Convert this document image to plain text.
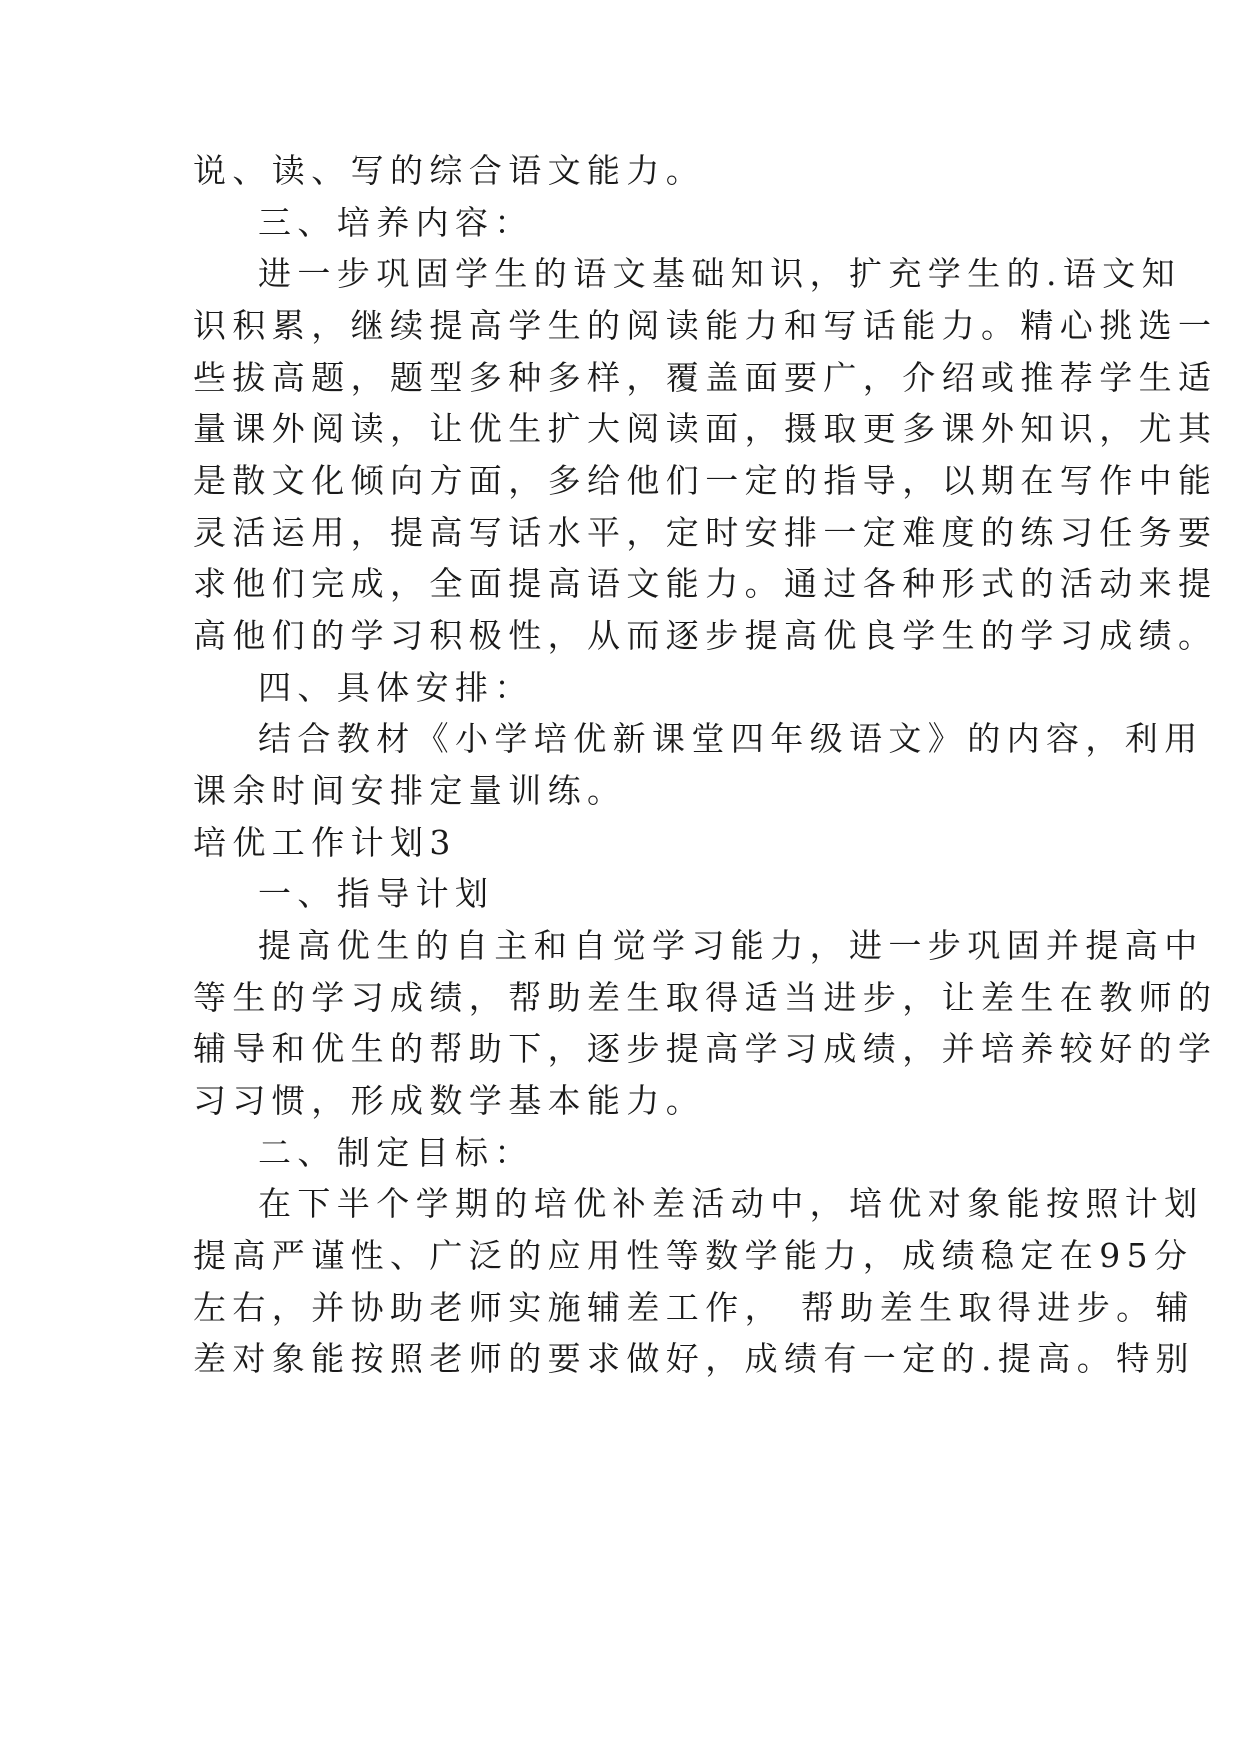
说、读、写的综合语文能力。
三、培养内容：
进一步巩固学生的语文基础知识，扩充学生的.语文知
识积累，继续提高学生的阅读能力和写话能力。精心挑选一
些拔高题，题型多种多样，覆盖面要广，介绍或推荐学生适
量课外阅读，让优生扩大阅读面，摄取更多课外知识，尤其
是散文化倾向方面，多给他们一定的指导，以期在写作中能
灵活运用，提高写话水平，定时安排一定难度的练习任务要
求他们完成，全面提高语文能力。通过各种形式的活动来提
高他们的学习积极性，从而逐步提高优良学生的学习成绩。
四、具体安排：
结合教材《小学培优新课堂四年级语文》的内容，利用
课余时间安排定量训练。
培优工作计划3
一、指导计划
提高优生的自主和自觉学习能力，进一步巩固并提高中
等生的学习成绩，帮助差生取得适当进步，让差生在教师的
辅导和优生的帮助下，逐步提高学习成绩，并培养较好的学
习习惯，形成数学基本能力。
二、制定目标：
在下半个学期的培优补差活动中，培优对象能按照计划
提高严谨性、广泛的应用性等数学能力，成绩稳定在95分
左右，并协助老师实施辅差工作， 帮助差生取得进步。辅
差对象能按照老师的要求做好，成绩有一定的.提高。特别
